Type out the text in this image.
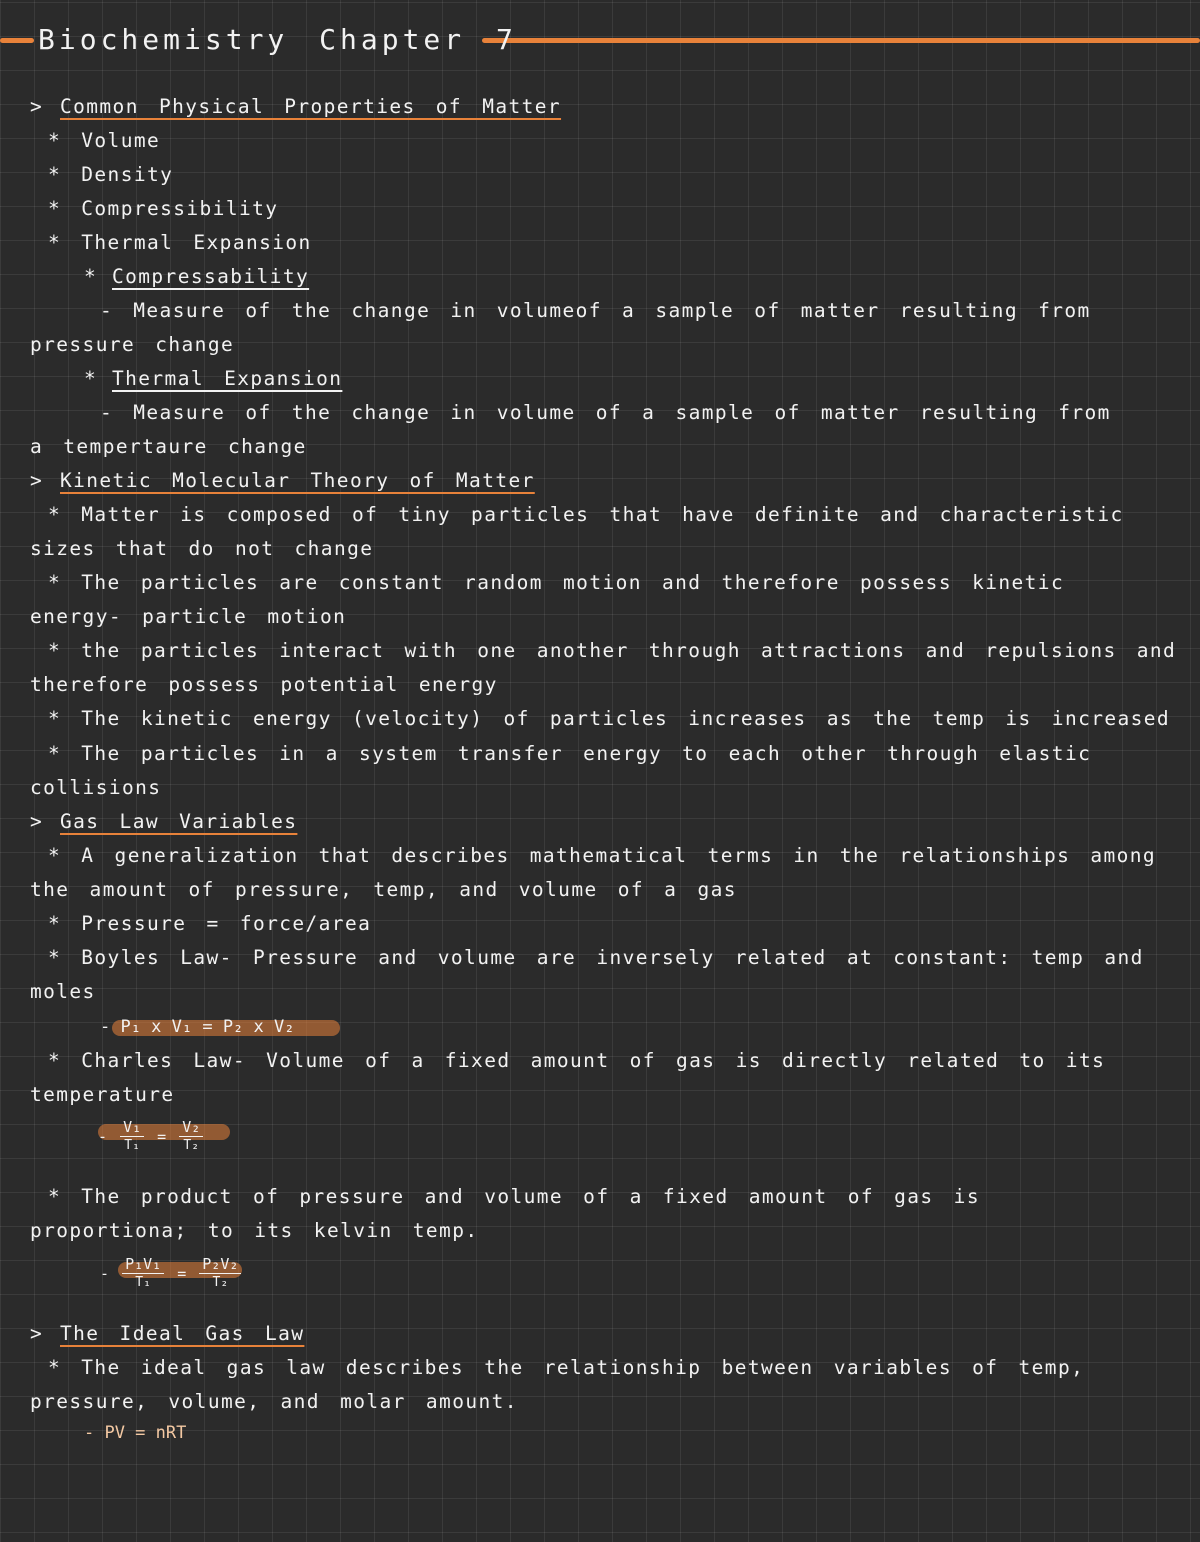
Biochemistry Chapter 7
> Common Physical Properties of Matter
* Volume
* Density
* Compressibility
* Thermal Expansion
* Compressability
- Measure of the change in volumeof a sample of matter resulting from
pressure change
* Thermal Expansion
- Measure of the change in volume of a sample of matter resulting from
a tempertaure change
> Kinetic Molecular Theory of Matter
* Matter is composed of tiny particles that have definite and characteristic
sizes that do not change
* The particles are constant random motion and therefore possess kinetic
energy- particle motion
* the particles interact with one another through attractions and repulsions and
therefore possess potential energy
* The kinetic energy (velocity) of particles increases as the temp is increased
* The particles in a system transfer energy to each other through elastic
collisions
> Gas Law Variables
* A generalization that describes mathematical terms in the relationships among
the amount of pressure, temp, and volume of a gas
* Pressure = force/area
* Boyles Law- Pressure and volume are inversely related at constant: temp and
moles
* Charles Law- Volume of a fixed amount of gas is directly related to its
temperature
* The product of pressure and volume of a fixed amount of gas is
proportiona; to its kelvin temp.
> The Ideal Gas Law
* The ideal gas law describes the relationship between variables of temp,
pressure, volume, and molar amount.
- P₁ x V₁ = P₂ x V₂
- $\frac{\text{V₁}}{\text{T₁}} = \frac{\text{V₂}}{\text{T₂}}$
- $\frac{\text{P₁V₁}}{\text{T₁}} = \frac{\text{P₂V₂}}{\text{T₂}}$
- PV = nRT
